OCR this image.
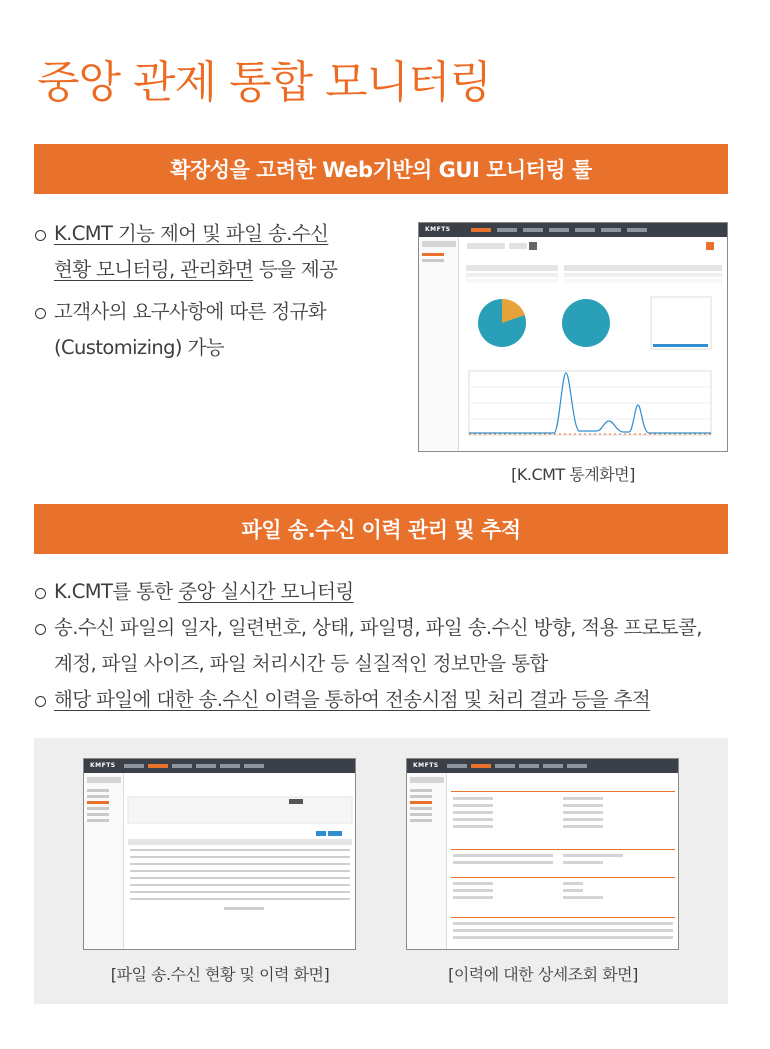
중앙 관제 통합 모니터링
확장성을 고려한 Web기반의 GUI 모니터링 툴
K.CMT 기능 제어 및 파일 송.수신
현황 모니터링, 관리화면 등을 제공
고객사의 요구사항에 따른 정규화
(Customizing) 가능
KMFTS
[K.CMT 통계화면]
파일 송.수신 이력 관리 및 추적
K.CMT를 통한 중앙 실시간 모니터링
송.수신 파일의 일자, 일련번호, 상태, 파일명, 파일 송.수신 방향, 적용 프로토콜,
계정, 파일 사이즈, 파일 처리시간 등 실질적인 정보만을 통합
해당 파일에 대한 송.수신 이력을 통하여 전송시점 및 처리 결과 등을 추적
KMFTS
[파일 송.수신 현황 및 이력 화면]
KMFTS
[이력에 대한 상세조회 화면]
